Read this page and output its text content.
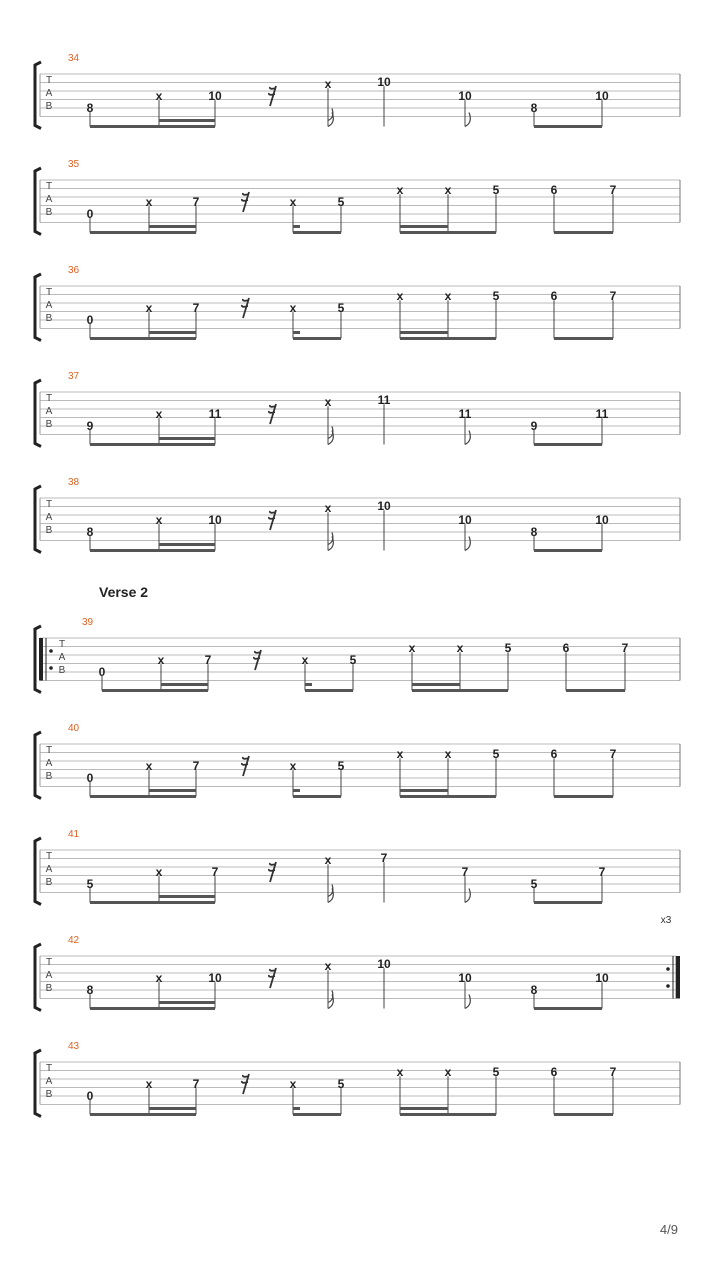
T
A
B
34
8
x	10
x	10
10
8
10
T
A
B
35
0
x	7	x	5
x	x	5	6	7
T
A
B
36
0
x	7	x	5
x	x	5	6	7
T
A
B
37
9
x	11
x	11
11
9
11
T
A
B
38
8
x	10
x	10
10
8
10
T
A
B
39
0
x	7	x	5
x	x	5	6	7
T
A
B
40
0
x	7	x	5
x	x	5	6	7
T
A
B
41
5
x	7
x	7
7
5
7
T
A
B
x3
42
8
x	10
x	10
10
8
10
T
A
B
43
0
x	7	x	5
x	x	5	6	7
Verse 2
4/9
